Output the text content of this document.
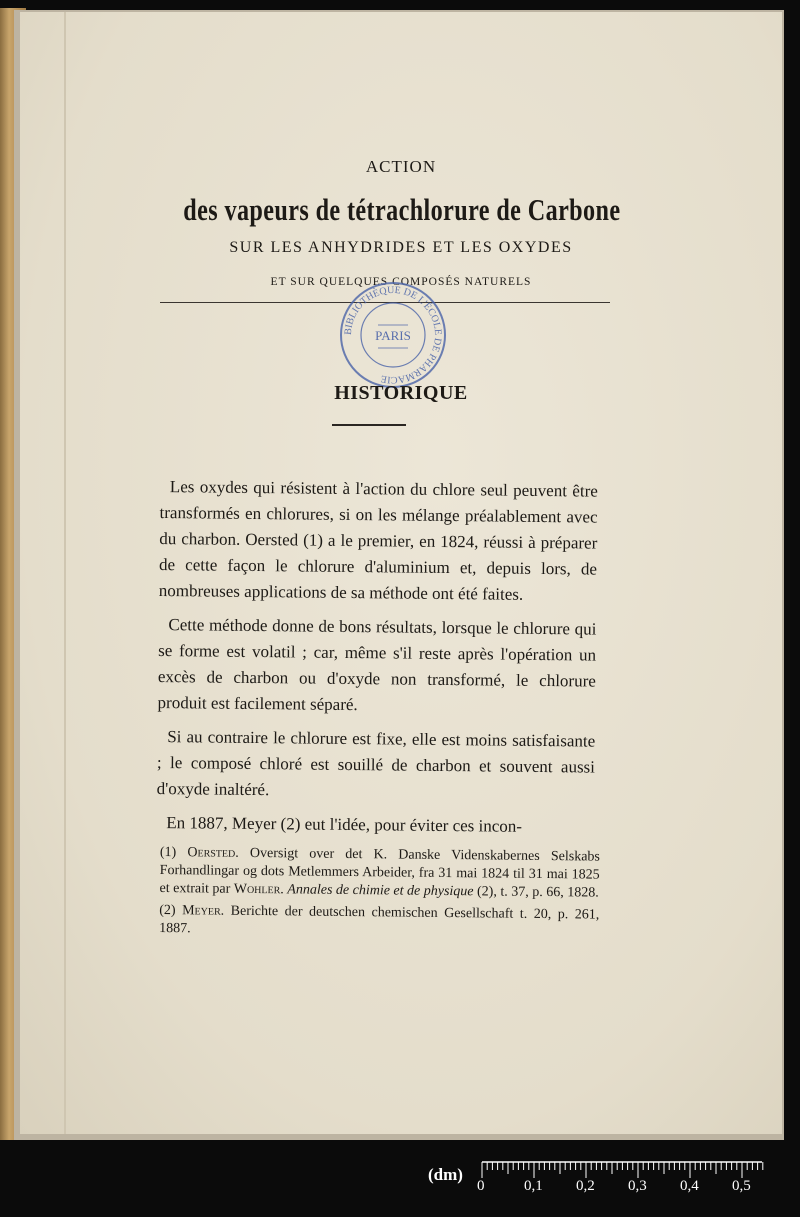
ACTION
des vapeurs de tétrachlorure de Carbone
SUR LES ANHYDRIDES ET LES OXYDES
ET SUR QUELQUES COMPOSÉS NATURELS
BIBLIOTHÈQUE DE L'ÉCOLE DE PHARMACIE
PARIS
HISTORIQUE

Les oxydes qui résistent à l'action du chlore seul peuvent être transformés en chlorures, si on les mélange préalablement avec du charbon. Oersted (1) a le premier, en 1824, réussi à préparer de cette façon le chlorure d'aluminium et, depuis lors, de nombreuses applications de sa méthode ont été faites.

Cette méthode donne de bons résultats, lorsque le chlorure qui se forme est volatil ; car, même s'il reste après l'opération un excès de charbon ou d'oxyde non transformé, le chlorure produit est facilement séparé.

Si au contraire le chlorure est fixe, elle est moins satisfaisante ; le composé chloré est souillé de charbon et souvent aussi d'oxyde inaltéré.

En 1887, Meyer (2) eut l'idée, pour éviter ces incon-

(1) Oersted. Oversigt over det K. Danske Videnskabernes Selskabs Forhandlingar og dots Metlemmers Arbeider, fra 31 mai 1824 til 31 mai 1825 et extrait par Wohler. Annales de chimie et de physique (2), t. 37, p. 66, 1828.

(2) Meyer. Berichte der deutschen chemischen Gesellschaft t. 20, p. 261, 1887.

(dm)
0	0,1 0,2 0,3 0,4 0,5
